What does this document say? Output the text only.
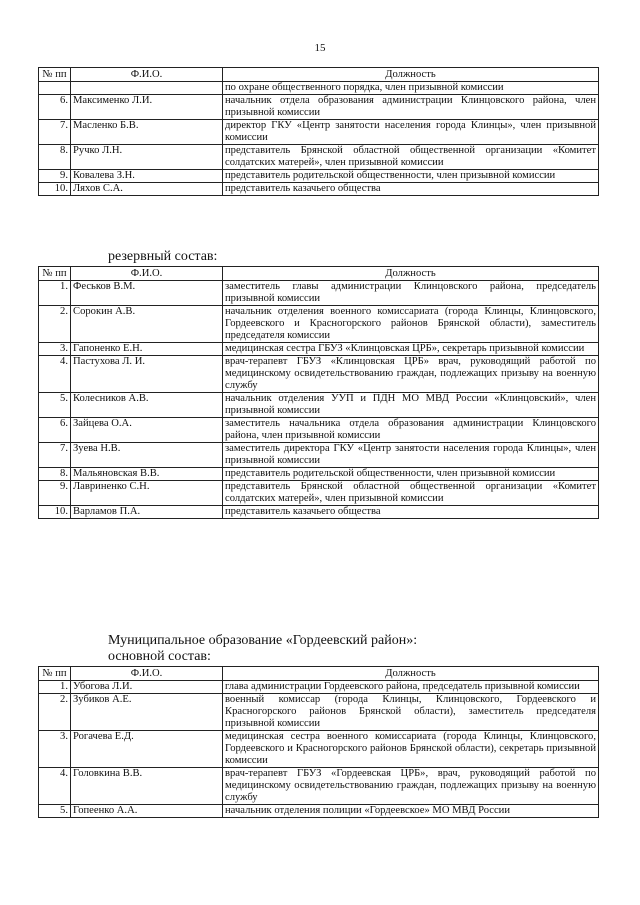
15
№ пп	Ф.И.О.	Должность
		по охране общественного порядка, член призывной комиссии
6.	Максименко Л.И.	начальник отдела образования администрации Клинцовского района, член призывной комиссии
7.	Масленко Б.В.	директор ГКУ «Центр занятости населения города Клинцы», член призывной комиссии
8.	Ручко Л.Н.	представитель Брянской областной общественной организации «Комитет солдатских матерей», член призывной комиссии
9.	Ковалева З.Н.	представитель родительской общественности, член призывной комиссии
10.	Ляхов С.А.	представитель казачьего общества
резервный состав:
№ пп	Ф.И.О.	Должность
1.	Феськов В.М.	заместитель главы администрации Клинцовского района, председатель призывной комиссии
2.	Сорокин А.В.	начальник отделения военного комиссариата (города Клинцы, Клинцовского, Гордеевского и Красногорского районов Брянской области), заместитель председателя комиссии
3.	Гапоненко Е.Н.	медицинская сестра ГБУЗ «Клинцовская ЦРБ», секретарь призывной комиссии
4.	Пастухова Л. И.	врач-терапевт ГБУЗ «Клинцовская ЦРБ» врач, руководящий работой по медицинскому освидетельствованию граждан, подлежащих призыву на военную службу
5.	Колесников А.В.	начальник отделения УУП и ПДН МО МВД России «Клинцовский», член призывной комиссии
6.	Зайцева О.А.	заместитель начальника отдела образования администрации Клинцовского района, член призывной комиссии
7.	Зуева Н.В.	заместитель директора ГКУ «Центр занятости населения города Клинцы», член призывной комиссии
8.	Мальяновская В.В.	представитель родительской общественности, член призывной комиссии
9.	Лавриненко С.Н.	представитель Брянской областной общественной организации «Комитет солдатских матерей», член призывной комиссии
10.	Варламов П.А.	представитель казачьего общества
Муниципальное образование «Гордеевский район»:
основной состав:
№ пп	Ф.И.О.	Должность
1.	Убогова Л.И.	глава администрации Гордеевского района, председатель призывной комиссии
2.	Зубиков А.Е.	военный комиссар (города Клинцы, Клинцовского, Гордеевского и Красногорского районов Брянской области), заместитель председателя призывной комиссии
3.	Рогачева Е.Д.	медицинская сестра военного комиссариата (города Клинцы, Клинцовского, Гордеевского и Красногорского районов Брянской области), секретарь призывной комиссии
4.	Головкина В.В.	врач-терапевт ГБУЗ «Гордеевская ЦРБ», врач, руководящий работой по медицинскому освидетельствованию граждан, подлежащих призыву на военную службу
5.	Гопеенко А.А.	начальник отделения полиции «Гордеевское» МО МВД России
